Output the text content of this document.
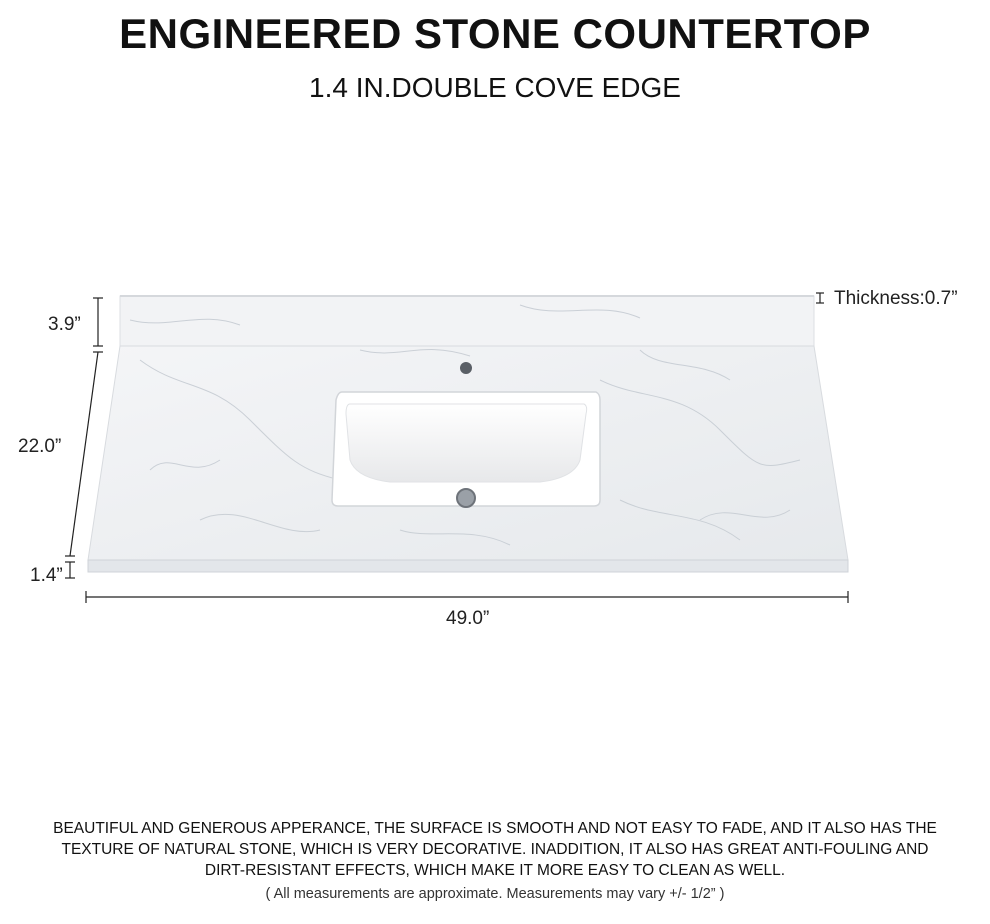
ENGINEERED STONE COUNTERTOP
1.4 IN.DOUBLE COVE EDGE
3.9”
22.0”
1.4”
49.0”
Thickness:0.7”

BEAUTIFUL AND GENEROUS APPERANCE, THE SURFACE IS SMOOTH AND NOT EASY TO FADE, AND IT ALSO HAS THE

TEXTURE OF NATURAL STONE, WHICH IS VERY DECORATIVE. INADDITION, IT ALSO HAS GREAT ANTI-FOULING AND

DIRT-RESISTANT EFFECTS, WHICH MAKE IT MORE EASY TO CLEAN AS WELL.

( All measurements are approximate. Measurements may vary +/- 1/2” )
